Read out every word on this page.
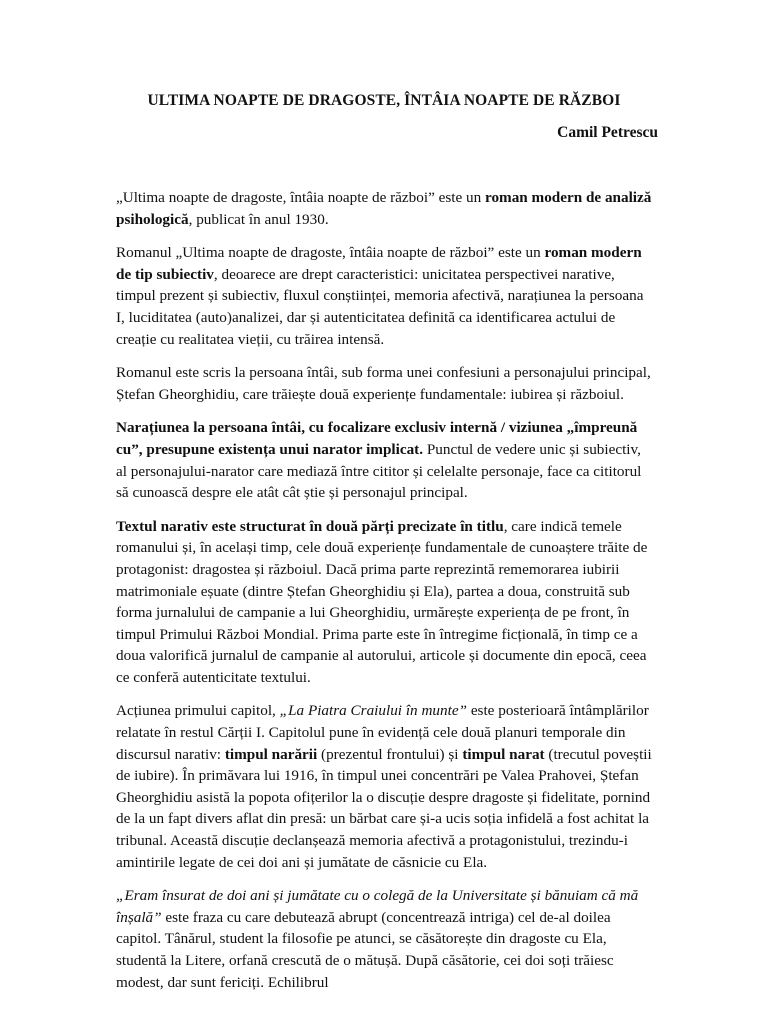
ULTIMA NOAPTE DE DRAGOSTE, ÎNTÂIA NOAPTE DE RĂZBOI
Camil Petrescu

„Ultima noapte de dragoste, întâia noapte de război” este un roman modern de analiză psihologică, publicat în anul 1930.

Romanul „Ultima noapte de dragoste, întâia noapte de război” este un roman modern de tip subiectiv, deoarece are drept caracteristici: unicitatea perspectivei narative, timpul prezent și subiectiv, fluxul conștiinței, memoria afectivă, narațiunea la persoana I, luciditatea (auto)analizei, dar și autenticitatea definită ca identificarea actului de creație cu realitatea vieții, cu trăirea intensă.

Romanul este scris la persoana întâi, sub forma unei confesiuni a personajului principal, Ștefan Gheorghidiu, care trăiește două experiențe fundamentale: iubirea și războiul.

Narațiunea la persoana întâi, cu focalizare exclusiv internă / viziunea „împreună cu”, presupune existența unui narator implicat. Punctul de vedere unic și subiectiv, al personajului-narator care mediază între cititor și celelalte personaje, face ca cititorul să cunoască despre ele atât cât știe și personajul principal.

Textul narativ este structurat în două părți precizate în titlu, care indică temele romanului și, în același timp, cele două experiențe fundamentale de cunoaștere trăite de protagonist: dragostea și războiul. Dacă prima parte reprezintă rememorarea iubirii matrimoniale eșuate (dintre Ștefan Gheorghidiu și Ela), partea a doua, construită sub forma jurnalului de campanie a lui Gheorghidiu, urmărește experiența de pe front, în timpul Primului Război Mondial. Prima parte este în întregime ficțională, în timp ce a doua valorifică jurnalul de campanie al autorului, articole și documente din epocă, ceea ce conferă autenticitate textului.

Acțiunea primului capitol, „La Piatra Craiului în munte” este posterioară întâmplărilor relatate în restul Cărții I. Capitolul pune în evidență cele două planuri temporale din discursul narativ: timpul narării (prezentul frontului) și timpul narat (trecutul poveștii de iubire). În primăvara lui 1916, în timpul unei concentrări pe Valea Prahovei, Ștefan Gheorghidiu asistă la popota ofițerilor la o discuție despre dragoste și fidelitate, pornind de la un fapt divers aflat din presă: un bărbat care și-a ucis soția infidelă a fost achitat la tribunal. Această discuție declanșează memoria afectivă a protagonistului, trezindu-i amintirile legate de cei doi ani și jumătate de căsnicie cu Ela.

„Eram însurat de doi ani și jumătate cu o colegă de la Universitate și bănuiam că mă înșală” este fraza cu care debutează abrupt (concentrează intriga) cel de-al doilea capitol. Tânărul, student la filosofie pe atunci, se căsătorește din dragoste cu Ela, studentă la Litere, orfană crescută de o mătușă. După căsătorie, cei doi soți trăiesc modest, dar sunt fericiți. Echilibrul
